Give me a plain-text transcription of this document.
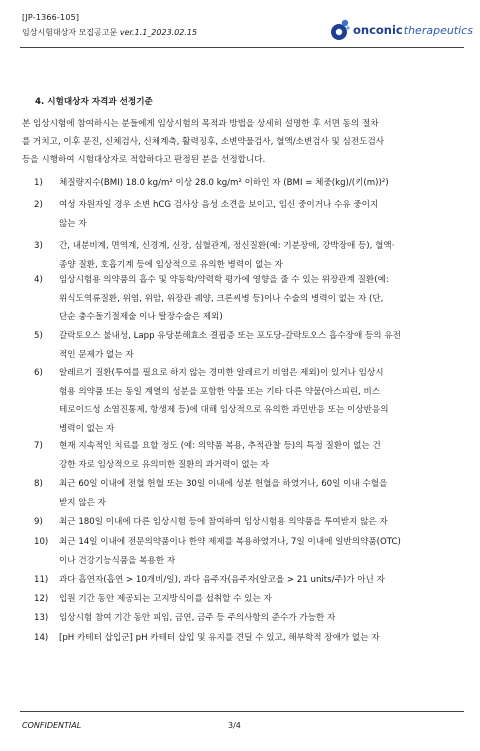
[JP-1366-105]
임상시험대상자 모집공고문 ver.1.1_2023.02.15	onconic therapeutics
4. 시험대상자 자격과 선정기준
본 임상시험에 참여하시는 분들에게 임상시험의 목적과 방법을 상세히 설명한 후 서면 동의 절차
를 거치고, 이후 문진, 신체검사, 신체계측, 활력징후, 소변약물검사, 혈액/소변검사 및 심전도검사
등을 시행하여 시험대상자로 적합하다고 판정된 분을 선정합니다.
1)	체질량지수(BMI) 18.0 kg/m² 이상 28.0 kg/m² 이하인 자 (BMI = 체중(kg)/(키(m))²)
2)	여성 자원자일 경우 소변 hCG 검사상 음성 소견을 보이고, 임신 중이거나 수유 중이지
않는 자
3)	간, 내분비계, 면역계, 신경계, 신장, 심혈관계, 정신질환(예: 기분장애, 강박장애 등), 혈액·
종양 질환, 호흡기계 등에 임상적으로 유의한 병력이 없는 자
4)	임상시험용 의약품의 흡수 및 약동학/약력학 평가에 영향을 줄 수 있는 위장관계 질환(예:
위식도역류질환, 위염, 위암, 위장관 궤양, 크론씨병 등)이나 수술의 병력이 없는 자 (단,
단순 충수돌기절제술 이나 탈장수술은 제외)
5)	갈락토오스 불내성, Lapp 유당분해효소 결핍증 또는 포도당-갈락토오스 흡수장애 등의 유전
적인 문제가 없는 자
6)	알레르기 질환(투여를 필요로 하지 않는 경미한 알레르기 비염은 제외)이 있거나 임상시
험용 의약품 또는 동일 계열의 성분을 포함한 약물 또는 기타 다른 약물(아스피린, 비스
테로이드성 소염진통제, 항생제 등)에 대해 임상적으로 유의한 과민반응 또는 이상반응의
병력이 없는 자
7)	현재 지속적인 치료를 요할 정도 (예: 의약품 복용, 추적관찰 등)의 특정 질환이 없는 건
강한 자로 임상적으로 유의미한 질환의 과거력이 없는 자
8)	최근 60일 이내에 전혈 헌혈 또는 30일 이내에 성분 헌혈을 하였거나, 60일 이내 수혈을
받지 않은 자
9)	최근 180일 이내에 다른 임상시험 등에 참여하여 임상시험용 의약품을 투여받지 않은 자
10)	최근 14일 이내에 전문의약품이나 한약 제제를 복용하였거나, 7일 이내에 일반의약품(OTC)
이나 건강기능식품을 복용한 자
11)	과다 흡연자(흡연 > 10개비/일), 과다 음주자(음주자(알코올 > 21 units/주)가 아닌 자
12)	입원 기간 동안 제공되는 고지방식이를 섭취할 수 있는 자
13)	임상시험 참여 기간 동안 피임, 금연, 금주 등 주의사항의 준수가 가능한 자
14)	[pH 카테터 삽입군] pH 카테터 삽입 및 유지를 견딜 수 있고, 해부학적 장애가 없는 자
CONFIDENTIAL	3/4
